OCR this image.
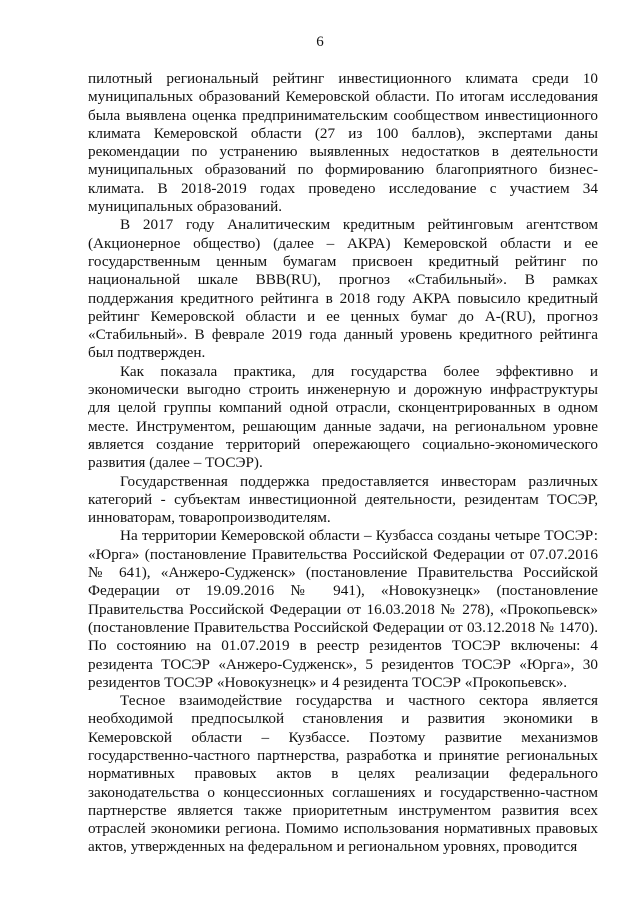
6

пилотный региональный рейтинг инвестиционного климата среди 10 муниципальных образований Кемеровской области. По итогам исследования была выявлена оценка предпринимательским сообществом инвестиционного климата Кемеровской области (27 из 100 баллов), экспертами даны рекомендации по устранению выявленных недостатков в деятельности муниципальных образований по формированию благоприятного бизнес-климата. В 2018-2019 годах проведено исследование с участием 34 муниципальных образований.

В 2017 году Аналитическим кредитным рейтинговым агентством (Акционерное общество) (далее – АКРА) Кемеровской области и ее государственным ценным бумагам присвоен кредитный рейтинг по национальной шкале ВВВ(RU), прогноз «Стабильный». В рамках поддержания кредитного рейтинга в 2018 году АКРА повысило кредитный рейтинг Кемеровской области и ее ценных бумаг до A-(RU), прогноз «Стабильный». В феврале 2019 года данный уровень кредитного рейтинга был подтвержден.

Как показала практика, для государства более эффективно и экономически выгодно строить инженерную и дорожную инфраструктуры для целой группы компаний одной отрасли, сконцентрированных в одном месте. Инструментом, решающим данные задачи, на региональном уровне является создание территорий опережающего социально-экономического развития (далее – ТОСЭР).

Государственная поддержка предоставляется инвесторам различных категорий - субъектам инвестиционной деятельности, резидентам ТОСЭР, инноваторам, товаропроизводителям.

На территории Кемеровской области – Кузбасса созданы четыре ТОСЭР: «Юрга» (постановление Правительства Российской Федерации от 07.07.2016 № 641), «Анжеро-Судженск» (постановление Правительства Российской Федерации от 19.09.2016 № 941), «Новокузнецк» (постановление Правительства Российской Федерации от 16.03.2018 № 278), «Прокопьевск» (постановление Правительства Российской Федерации от 03.12.2018 № 1470). По состоянию на 01.07.2019 в реестр резидентов ТОСЭР включены: 4 резидента ТОСЭР «Анжеро-Судженск», 5 резидентов ТОСЭР «Юрга», 30 резидентов ТОСЭР «Новокузнецк» и 4 резидента ТОСЭР «Прокопьевск».

Тесное взаимодействие государства и частного сектора является необходимой предпосылкой становления и развития экономики в Кемеровской области – Кузбассе. Поэтому развитие механизмов государственно-частного партнерства, разработка и принятие региональных нормативных правовых актов в целях реализации федерального законодательства о концессионных соглашениях и государственно-частном партнерстве является также приоритетным инструментом развития всех отраслей экономики региона. Помимо использования нормативных правовых актов, утвержденных на федеральном и региональном уровнях, проводится
